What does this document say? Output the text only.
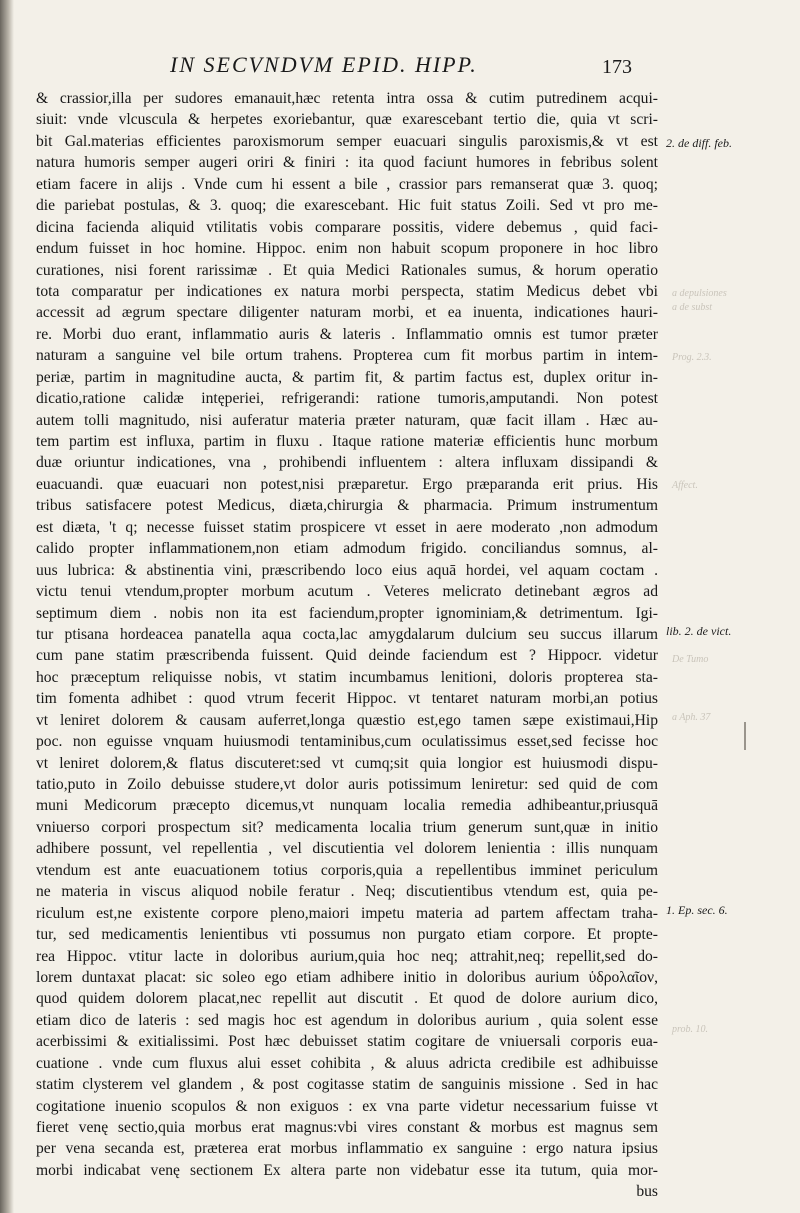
IN SECVNDVM EPID. HIPP.	173
& crassior,illa per sudores emanauit,hæc retenta intra ossa & cutim putredinem acqui-
siuit: vnde vlcuscula & herpetes exoriebantur, quæ exarescebant tertio die, quia vt scri-
bit Gal.materias efficientes paroxismorum semper euacuari singulis paroxismis,& vt est
natura humoris semper augeri oriri & finiri : ita quod faciunt humores in febribus solent
etiam facere in alijs . Vnde cum hi essent a bile , crassior pars remanserat quæ 3. quoq;
die pariebat postulas, & 3. quoq; die exarescebant. Hic fuit status Zoili. Sed vt pro me-
dicina facienda aliquid vtilitatis vobis comparare possitis, videre debemus , quid faci-
endum fuisset in hoc homine. Hippoc. enim non habuit scopum proponere in hoc libro
curationes, nisi forent rarissimæ . Et quia Medici Rationales sumus, & horum operatio
tota comparatur per indicationes ex natura morbi perspecta, statim Medicus debet vbi
accessit ad ægrum spectare diligenter naturam morbi, et ea inuenta, indicationes hauri-
re. Morbi duo erant, inflammatio auris & lateris . Inflammatio omnis est tumor præter
naturam a sanguine vel bile ortum trahens. Propterea cum fit morbus partim in intem-
periæ, partim in magnitudine aucta, & partim fit, & partim factus est, duplex oritur in-
dicatio,ratione calidæ intęperiei, refrigerandi: ratione tumoris,amputandi. Non potest
autem tolli magnitudo, nisi auferatur materia præter naturam, quæ facit illam . Hæc au-
tem partim est influxa, partim in fluxu . Itaque ratione materiæ efficientis hunc morbum
duæ oriuntur indicationes, vna , prohibendi influentem : altera influxam dissipandi &
euacuandi. quæ euacuari non potest,nisi præparetur. Ergo præparanda erit prius. His
tribus satisfacere potest Medicus, diæta,chirurgia & pharmacia. Primum instrumentum
est diæta, 't q; necesse fuisset statim prospicere vt esset in aere moderato ,non admodum
calido propter inflammationem,non etiam admodum frigido. conciliandus somnus, al-
uus lubrica: & abstinentia vini, præscribendo loco eius aquā hordei, vel aquam coctam .
victu tenui vtendum,propter morbum acutum . Veteres melicrato detinebant ægros ad
septimum diem . nobis non ita est faciendum,propter ignominiam,& detrimentum. Igi-
tur ptisana hordeacea panatella aqua cocta,lac amygdalarum dulcium seu succus illarum
cum pane statim præscribenda fuissent. Quid deinde faciendum est ? Hippocr. videtur
hoc præceptum reliquisse nobis, vt statim incumbamus lenitioni, doloris propterea sta-
tim fomenta adhibet : quod vtrum fecerit Hippoc. vt tentaret naturam morbi,an potius
vt leniret dolorem & causam auferret,longa quæstio est,ego tamen sæpe existimaui,Hip
poc. non eguisse vnquam huiusmodi tentaminibus,cum oculatissimus esset,sed fecisse hoc
vt leniret dolorem,& flatus discuteret:sed vt cumq;sit quia longior est huiusmodi dispu-
tatio,puto in Zoilo debuisse studere,vt dolor auris potissimum leniretur: sed quid de com
muni Medicorum præcepto dicemus,vt nunquam localia remedia adhibeantur,priusquā
vniuerso corpori prospectum sit? medicamenta localia trium generum sunt,quæ in initio
adhibere possunt, vel repellentia , vel discutientia vel dolorem lenientia : illis nunquam
vtendum est ante euacuationem totius corporis,quia a repellentibus imminet periculum
ne materia in viscus aliquod nobile feratur . Neq; discutientibus vtendum est, quia pe-
riculum est,ne existente corpore pleno,maiori impetu materia ad partem affectam traha-
tur, sed medicamentis lenientibus vti possumus non purgato etiam corpore. Et propte-
rea Hippoc. vtitur lacte in doloribus aurium,quia hoc neq; attrahit,neq; repellit,sed do-
lorem duntaxat placat: sic soleo ego etiam adhibere initio in doloribus aurium ὑδρολαῖον,
quod quidem dolorem placat,nec repellit aut discutit . Et quod de dolore aurium dico,
etiam dico de lateris : sed magis hoc est agendum in doloribus aurium , quia solent esse
acerbissimi & exitialissimi. Post hæc debuisset statim cogitare de vniuersali corporis eua-
cuatione . vnde cum fluxus alui esset cohibita , & aluus adricta credibile est adhibuisse
statim clysterem vel glandem , & post cogitasse statim de sanguinis missione . Sed in hac
cogitatione inuenio scopulos & non exiguos : ex vna parte videtur necessarium fuisse vt
fieret venę sectio,quia morbus erat magnus:vbi vires constant & morbus est magnus sem
per vena secanda est, præterea erat morbus inflammatio ex sanguine : ergo natura ipsius
morbi indicabat venę sectionem Ex altera parte non videbatur esse ita tutum, quia mor-
bus
2. de diff. feb.
lib. 2. de vict.
1. Ep. sec. 6.
a depulsiones
a de subst
Prog. 2.3.
Affect.
De Tumo
a Aph. 37
prob. 10.
